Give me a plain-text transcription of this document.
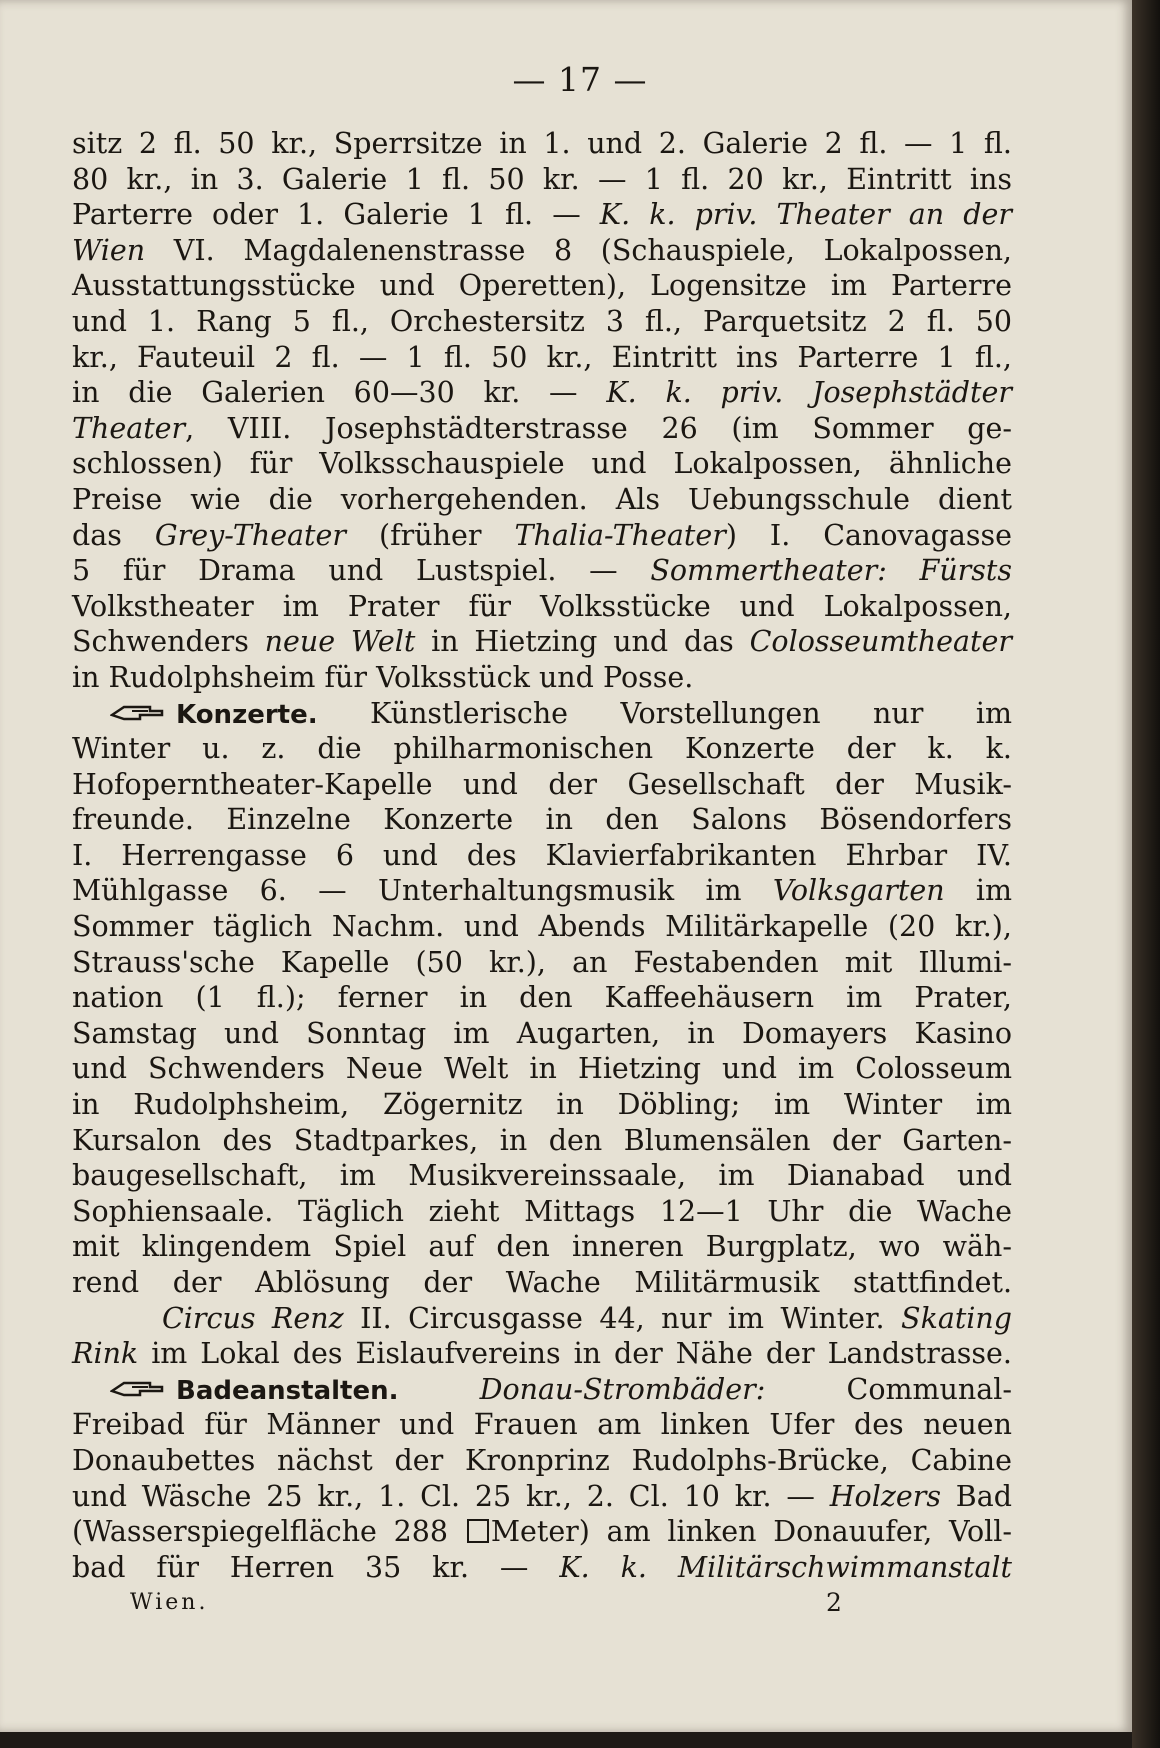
— 17 —
sitz 2 fl. 50 kr., Sperrsitze in 1. und 2. Galerie 2 fl. — 1 fl.
80 kr., in 3. Galerie 1 fl. 50 kr. — 1 fl. 20 kr., Eintritt ins
Parterre oder 1. Galerie 1 fl. — K. k. priv. Theater an der
Wien VI. Magdalenenstrasse 8 (Schauspiele, Lokalpossen,
Ausstattungsstücke und Operetten), Logensitze im Parterre
und 1. Rang 5 fl., Orchestersitz 3 fl., Parquetsitz 2 fl. 50
kr., Fauteuil 2 fl. — 1 fl. 50 kr., Eintritt ins Parterre 1 fl.,
in die Galerien 60—30 kr. — K. k. priv. Josephstädter
Theater, VIII. Josephstädterstrasse 26 (im Sommer ge-
schlossen) für Volksschauspiele und Lokalpossen, ähnliche
Preise wie die vorhergehenden. Als Uebungsschule dient
das Grey-Theater (früher Thalia-Theater) I. Canovagasse
5 für Drama und Lustspiel. — Sommertheater: Fürsts
Volkstheater im Prater für Volksstücke und Lokalpossen,
Schwenders neue Welt in Hietzing und das Colosseumtheater
in Rudolphsheim für Volksstück und Posse.
Konzerte. Künstlerische Vorstellungen nur im
Winter u. z. die philharmonischen Konzerte der k. k.
Hofoperntheater-Kapelle und der Gesellschaft der Musik-
freunde. Einzelne Konzerte in den Salons Bösendorfers
I. Herrengasse 6 und des Klavierfabrikanten Ehrbar IV.
Mühlgasse 6. — Unterhaltungsmusik im Volksgarten im
Sommer täglich Nachm. und Abends Militärkapelle (20 kr.),
Strauss'sche Kapelle (50 kr.), an Festabenden mit Illumi-
nation (1 fl.); ferner in den Kaffeehäusern im Prater,
Samstag und Sonntag im Augarten, in Domayers Kasino
und Schwenders Neue Welt in Hietzing und im Colosseum
in Rudolphsheim, Zögernitz in Döbling; im Winter im
Kursalon des Stadtparkes, in den Blumensälen der Garten-
baugesellschaft, im Musikvereinssaale, im Dianabad und
Sophiensaale. Täglich zieht Mittags 12—1 Uhr die Wache
mit klingendem Spiel auf den inneren Burgplatz, wo wäh-
rend der Ablösung der Wache Militärmusik stattfindet.
Circus Renz II. Circusgasse 44, nur im Winter. Skating
Rink im Lokal des Eislaufvereins in der Nähe der Landstrasse.
Badeanstalten.	Donau-Strombäder: Communal-
Freibad für Männer und Frauen am linken Ufer des neuen
Donaubettes nächst der Kronprinz Rudolphs-Brücke, Cabine
und Wäsche 25 kr., 1. Cl. 25 kr., 2. Cl. 10 kr. — Holzers Bad
(Wasserspiegelfläche 288 Meter) am linken Donauufer, Voll-
bad für Herren 35 kr. — K. k. Militärschwimmanstalt
Wien.	2
